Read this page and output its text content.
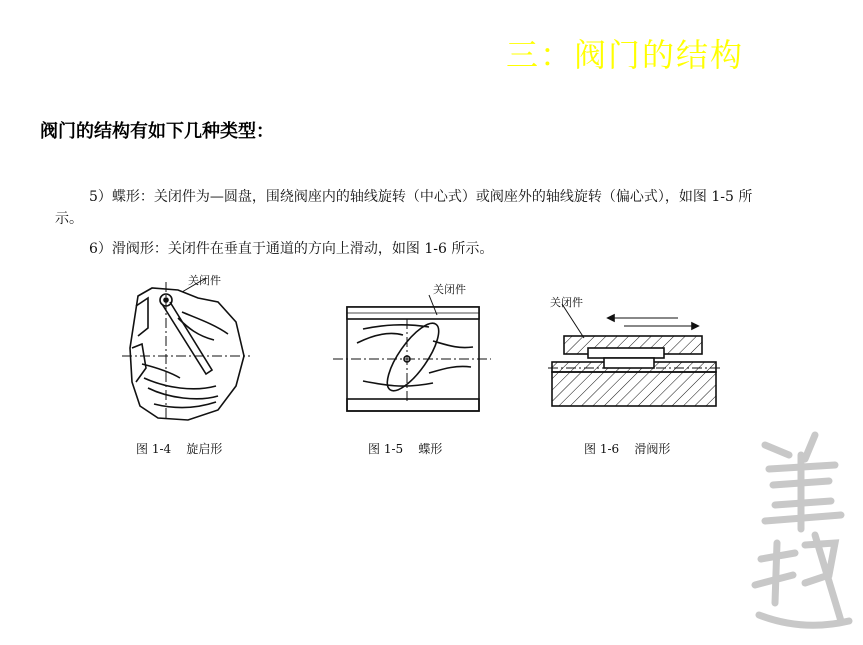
三：阀门的结构
阀门的结构有如下几种类型：
5）蝶形：关闭件为—圆盘，围绕阀座内的轴线旋转（中心式）或阀座外的轴线旋转（偏心式），如图 1-5 所示。
6）滑阀形：关闭件在垂直于通道的方向上滑动，如图 1-6 所示。
关闭件
图 1-4    旋启形
关闭件
图 1-5    蝶形
关闭件
图 1-6    滑阀形
